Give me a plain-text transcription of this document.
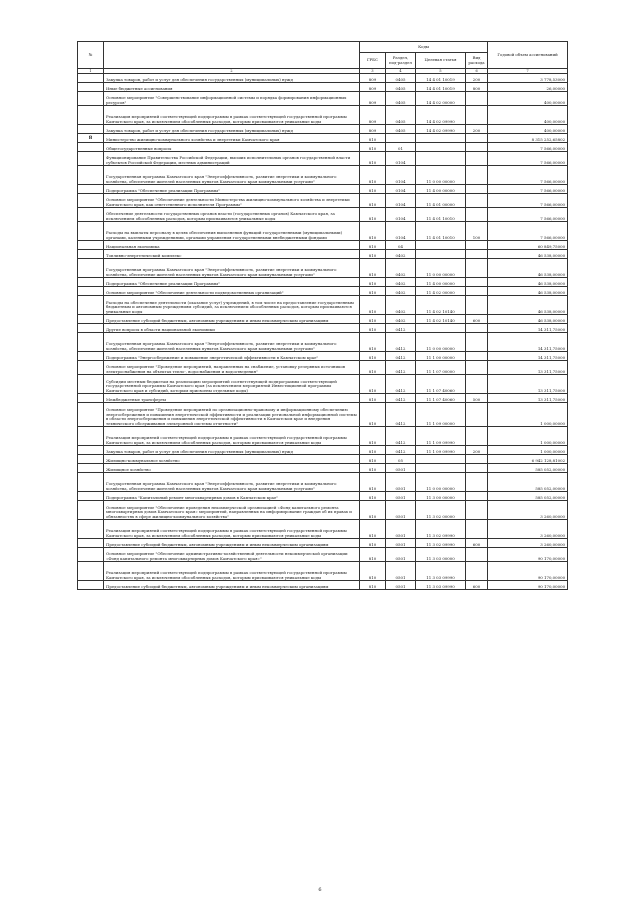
№		Коды				Годовой объем ассигнований
		ГРБС	Раздел, под-раздел	Целевая статья	Вид расхода	
1	2	3	4	5	6	7
	Закупка товаров, работ и услуг для обеспечения государственных (муниципальных) нужд	809	0405	14 4 01 10019	200	3 778,53000
	Иные бюджетные ассигнования	809	0405	14 4 01 10019	800	26,00000
	Основное мероприятие "Совершенствование информационной системы и порядка формирования информационных ресурсов"	809	0405	14 4 02 00000		400,00000
	Реализация мероприятий соответствующей подпрограммы в рамках соответствующей государственной программы Камчатского края, за исключением обособленных расходов, которым присваиваются уникальные коды	809	0405	14 4 02 09990		400,00000
	Закупка товаров, работ и услуг для обеспечения государственных (муниципальных) нужд	809	0405	14 4 02 09990	200	400,00000
8	Министерство жилищно-коммунального хозяйства и энергетики Камчатского края	810				8 315 252,65802
	Общегосударственные вопросы	810	01			7 566,00000
	Функционирование Правительства Российской Федерации, высших исполнительных органов государственной власти субъектов Российской Федерации, местных администраций	810	0104			7 566,00000
	Государственная программа Камчатского края "Энергоэффективность, развитие энергетики и коммунального хозяйства, обеспечение жителей населенных пунктов Камчатского края коммунальными услугами"	810	0104	11 0 00 00000		7 566,00000
	Подпрограмма "Обеспечение реализации Программы"	810	0104	11 4 00 00000		7 566,00000
	Основное мероприятие "Обеспечение деятельности Министерства жилищно-коммунального хозяйства и энергетики Камчатского края, как ответственного исполнителя Программы"	810	0104	11 4 01 00000		7 566,00000
	Обеспечение деятельности государственных органов власти (государственных органов) Камчатского края, за исключением обособленных расходов, которым присваиваются уникальные коды	810	0104	11 4 01 10010		7 566,00000
	Расходы на выплаты персоналу в целях обеспечения выполнения функций государственными (муниципальными) органами, казенными учреждениями, органами управления государственными внебюджетными фондами	810	0104	11 4 01 10010	100	7 566,00000
	Национальная экономика	810	04			60 849,75000
	Топливно-энергетический комплекс	810	0402			46 538,00000
	Государственная программа Камчатского края "Энергоэффективность, развитие энергетики и коммунального хозяйства, обеспечение жителей населенных пунктов Камчатского края коммунальными услугами"	810	0402	11 0 00 00000		46 538,00000
	Подпрограмма "Обеспечение реализации Программы"	810	0402	11 4 00 00000		46 538,00000
	Основное мероприятие "Обеспечение деятельности подведомственных организаций"	810	0402	11 4 02 00000		46 538,00000
	Расходы на обеспечение деятельности (оказание услуг) учреждений, в том числе на предоставление государственным бюджетным и автономным учреждениям субсидий, за исключением обособленных расходов, которым присваиваются уникальные коды	810	0402	11 4 02 10140		46 538,00000
	Предоставление субсидий бюджетным, автономным учреждениям и иным некоммерческим организациям	810	0402	11 4 02 10140	600	46 538,00000
	Другие вопросы в области национальной экономики	810	0412			14 311,75000
	Государственная программа Камчатского края "Энергоэффективность, развитие энергетики и коммунального хозяйства, обеспечение жителей населенных пунктов Камчатского края коммунальными услугами"	810	0412	11 0 00 00000		14 311,75000
	Подпрограмма "Энергосбережение и повышение энергетической эффективности в Камчатском крае"	810	0412	11 1 00 00000		14 311,75000
	Основное мероприятие "Проведение мероприятий, направленных на снабжение, установку резервных источников электроснабжения на объектах тепло-, водоснабжения и водоотведения"	810	0412	11 1 07 00000		13 311,75000
	Субсидии местным бюджетам на реализацию мероприятий соответствующей подпрограммы соответствующей государственной программы Камчатского края (за исключением мероприятий Инвестиционной программы Камчатского края и субсидий, которым присвоены отдельные коды)	810	0412	11 1 07 40060		13 311,75000
	Межбюджетные трансферты	810	0412	11 1 07 40060	500	13 311,75000
	Основное мероприятие "Проведение мероприятий по организационно-правовому и информационному обеспечению энергосбережения и повышения энергетической эффективности и реализации региональной информационной системы в области энергосбережения и повышения энергетической эффективности в Камчатском крае и внедрения технического обслуживания электронной системы отчетности"	810	0412	11 1 09 00000		1 000,00000
	Реализация мероприятий соответствующей подпрограммы в рамках соответствующей государственной программы Камчатского края, за исключением обособленных расходов, которым присваиваются уникальные коды	810	0412	11 1 09 09990		1 000,00000
	Закупка товаров, работ и услуг для обеспечения государственных (муниципальных) нужд	810	0412	11 1 09 09990	200	1 000,00000
	Жилищно-коммунальное хозяйство	810	05			6 942 128,81002
	Жилищное хозяйство	810	0501			585 052,00000
	Государственная программа Камчатского края "Энергоэффективность, развитие энергетики и коммунального хозяйства, обеспечение жителей населенных пунктов Камчатского края коммунальными услугами"	810	0501	11 0 00 00000		585 052,00000
	Подпрограмма "Капитальный ремонт многоквартирных домов в Камчатском крае"	810	0501	11 3 00 00000		585 052,00000
	Основное мероприятие "Обеспечение проведения некоммерческой организацией «Фонд капитального ремонта многоквартирных домов Камчатского края» мероприятий, направленных на информирование граждан об их правах и обязанностях в сфере жилищно-коммунального хозяйства"	810	0501	11 3 02 00000		3 260,00000
	Реализация мероприятий соответствующей подпрограммы в рамках соответствующей государственной программы Камчатского края, за исключением обособленных расходов, которым присваиваются уникальные коды	810	0501	11 3 02 09990		3 260,00000
	Предоставление субсидий бюджетным, автономным учреждениям и иным некоммерческим организациям	810	0501	11 3 02 09990	600	3 260,00000
	Основное мероприятие "Обеспечение административно-хозяйственной деятельности некоммерческой организации «Фонд капитального ремонта многоквартирных домов Камчатского края»"	810	0501	11 3 03 00000		90 170,00000
	Реализация мероприятий соответствующей подпрограммы в рамках соответствующей государственной программы Камчатского края, за исключением обособленных расходов, которым присваиваются уникальные коды	810	0501	11 3 03 09990		90 170,00000
	Предоставление субсидий бюджетным, автономным учреждениям и иным некоммерческим организациям	810	0501	11 3 03 09990	600	90 170,00000
6
